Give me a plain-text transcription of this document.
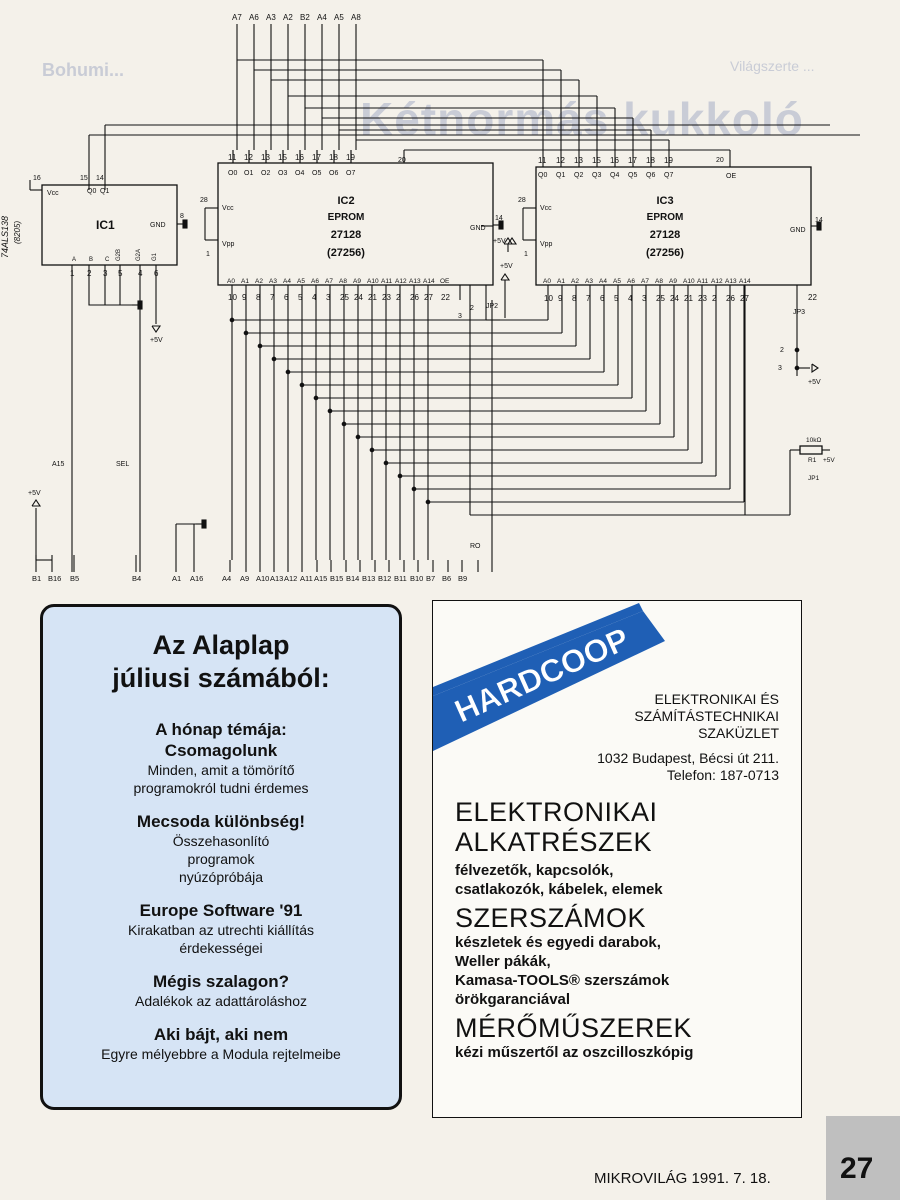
Világszerte ...
Kétnormás kukkoló
Bohumi...
IC1
Vcc
GND
16
8
74ALS138 (8205)
Q0 Q1
15 14
A
1
B
2
C
3
G2B
5
G2A
4
G1
6
+5V
IC2
EPROM
27128
(27256)
Vcc
Vpp
GND
28
1
14
20
11
O0
12
O1
13
O2
15
O3
16
O4
17
O5
18
O6
19
O7
A0
10
A1
9
A2
8
A3
7
A4
6
A5
5
A6
4
A7
3
A8
25
A9
24
A10
21
A11
23
A12
2
A13
26
A14
27
OE
22
JP2
+5V
+5V
3
2
IC3
EPROM
27128
(27256)
Vcc
Vpp
GND
28
1
14
20
OE
11
Q0
12
Q1
13
Q2
15
Q3
16
Q4
17
Q5
18
Q6
19
Q7
A0
10
A1
9
A2
8
A3
7
A4
6
A5
5
A6
4
A7
3
A8
25
A9
24
A10
21
A11
23
A12
2
A13
26
A14
27	22
JP3
+5V
2
3
10kΩ
R1 +5V
JP1
A7 A6 A3 A2 B2 A4 A5 A8
B1 B16 B5	B4	A1 A16 A4 A9 A10 A13 A12 A11 A15 B15 B14 B13 B12 B11 B10 B7 B6 B9
+5V
A15	SEL
RO
Az Alaplap
júliusi számából:
A hónap témája:
Csomagolunk
Minden, amit a tömörítő programokról tudni érdemes
Mecsoda különbség!
Összehasonlító programok nyúzópróbája
Europe Software '91
Kirakatban az utrechti kiállítás érdekességei
Mégis szalagon?
Adalékok az adattároláshoz
Aki bájt, aki nem
Egyre mélyebbre a Modula rejtelmeibe
HARDCOOP	ELEKTRONIKAI ÉS
SZÁMÍTÁSTECHNIKAI
SZAKÜZLET
1032 Budapest, Bécsi út 211.
Telefon: 187-0713
ELEKTRONIKAI
ALKATRÉSZEK
félvezetők, kapcsolók,
csatlakozók, kábelek, elemek
SZERSZÁMOK
készletek és egyedi darabok,
Weller pákák,
Kamasa-TOOLS® szerszámok
örökgaranciával
MÉRŐMŰSZEREK
kézi műszertől az oszcilloszkópig
MIKROVILÁG 1991. 7. 18. 27
